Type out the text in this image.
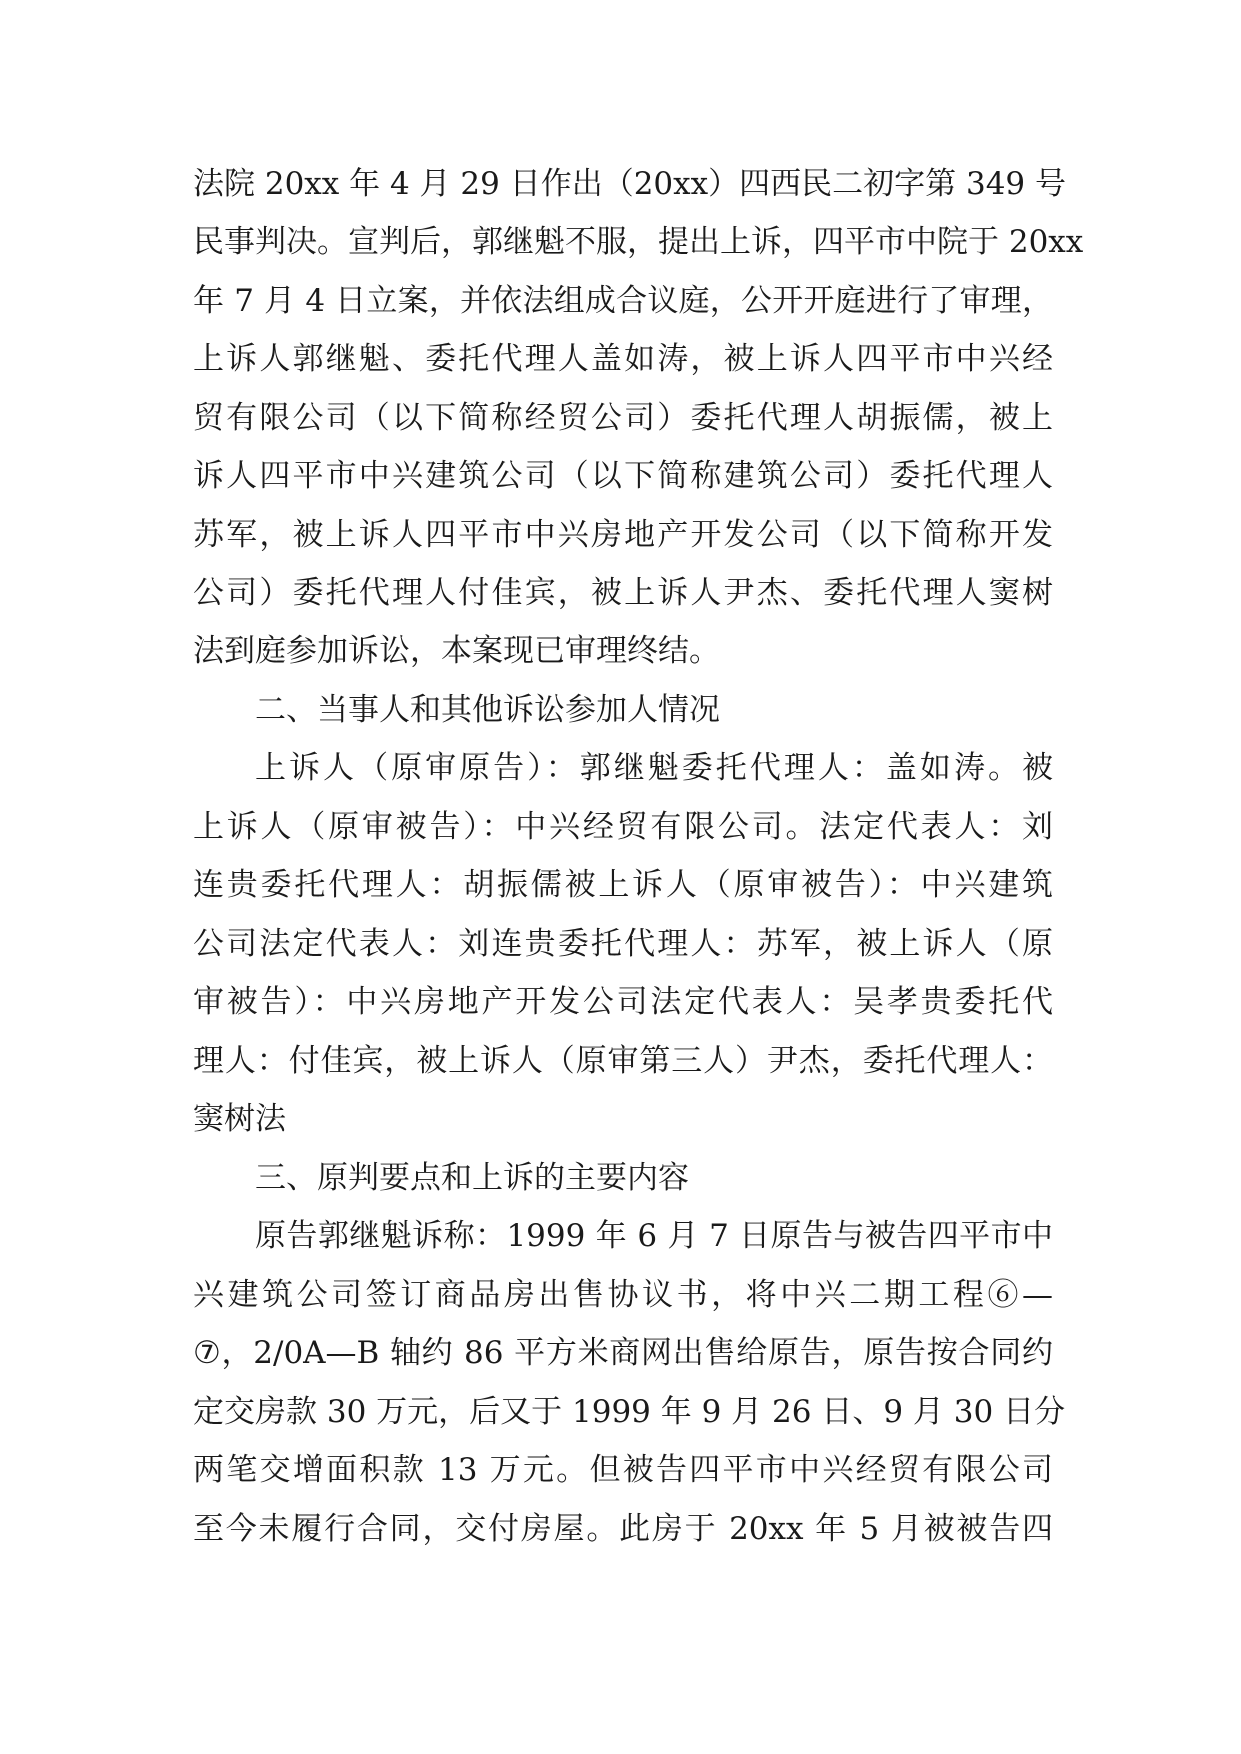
法院 20xx 年 4 月 29 日作出（20xx）四西民二初字第 349 号
民事判决。宣判后，郭继魁不服，提出上诉，四平市中院于 20xx
年 7 月 4 日立案，并依法组成合议庭，公开开庭进行了审理，
上诉人郭继魁、委托代理人盖如涛，被上诉人四平市中兴经
贸有限公司（以下简称经贸公司）委托代理人胡振儒，被上
诉人四平市中兴建筑公司（以下简称建筑公司）委托代理人
苏军，被上诉人四平市中兴房地产开发公司（以下简称开发
公司）委托代理人付佳宾，被上诉人尹杰、委托代理人窦树
法到庭参加诉讼，本案现已审理终结。
二、当事人和其他诉讼参加人情况
上诉人（原审原告）：郭继魁委托代理人：盖如涛。被
上诉人（原审被告）：中兴经贸有限公司。法定代表人：刘
连贵委托代理人：胡振儒被上诉人（原审被告）：中兴建筑
公司法定代表人：刘连贵委托代理人：苏军，被上诉人（原
审被告）：中兴房地产开发公司法定代表人：吴孝贵委托代
理人：付佳宾，被上诉人（原审第三人）尹杰，委托代理人：
窦树法
三、原判要点和上诉的主要内容
原告郭继魁诉称：1999 年 6 月 7 日原告与被告四平市中
兴建筑公司签订商品房出售协议书，将中兴二期工程⑥—
⑦，2/0A—B 轴约 86 平方米商网出售给原告，原告按合同约
定交房款 30 万元，后又于 1999 年 9 月 26 日、9 月 30 日分
两笔交增面积款 13 万元。但被告四平市中兴经贸有限公司
至今未履行合同，交付房屋。此房于 20xx 年 5 月被被告四
